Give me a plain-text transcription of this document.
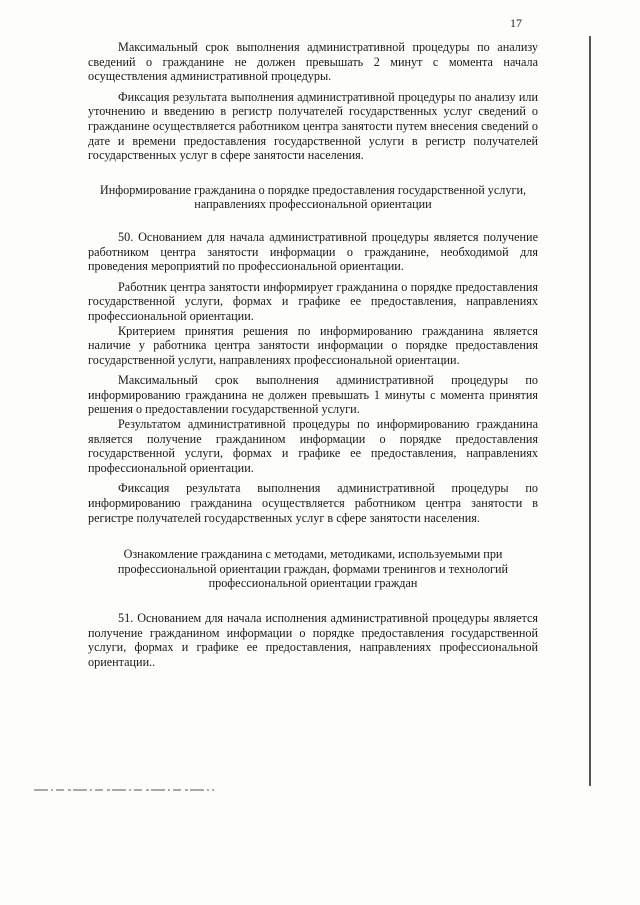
17

Максимальный срок выполнения административной процедуры по анализу сведений о гражданине не должен превышать 2 минут с момента начала осуществления административной процедуры.

Фиксация результата выполнения административной процедуры по анализу или уточнению и введению в регистр получателей государственных услуг сведений о гражданине осуществляется работником центра занятости путем внесения сведений о дате и времени предоставления государственной услуги в регистр получателей государственных услуг в сфере занятости населения.

Информирование гражданина о порядке предоставления государственной услуги, направлениях профессиональной ориентации

50. Основанием для начала административной процедуры является получение работником центра занятости информации о гражданине, необходимой для проведения мероприятий по профессиональной ориентации.

Работник центра занятости информирует гражданина о порядке предоставления государственной услуги, формах и графике ее предоставления, направлениях профессиональной ориентации.

Критерием принятия решения по информированию гражданина является наличие у работника центра занятости информации о порядке предоставления государственной услуги, направлениях профессиональной ориентации.

Максимальный срок выполнения административной процедуры по информированию гражданина не должен превышать 1 минуты с момента принятия решения о предоставлении государственной услуги.

Результатом административной процедуры по информированию гражданина является получение гражданином информации о порядке предоставления государственной услуги, формах и графике ее предоставления, направлениях профессиональной ориентации.

Фиксация результата выполнения административной процедуры по информированию гражданина осуществляется работником центра занятости в регистре получателей государственных услуг в сфере занятости населения.

Ознакомление гражданина с методами, методиками, используемыми при профессиональной ориентации граждан, формами тренингов и технологий профессиональной ориентации граждан

51. Основанием для начала исполнения административной процедуры является получение гражданином информации о порядке предоставления государственной услуги, формах и графике ее предоставления, направлениях профессиональной ориентации..
